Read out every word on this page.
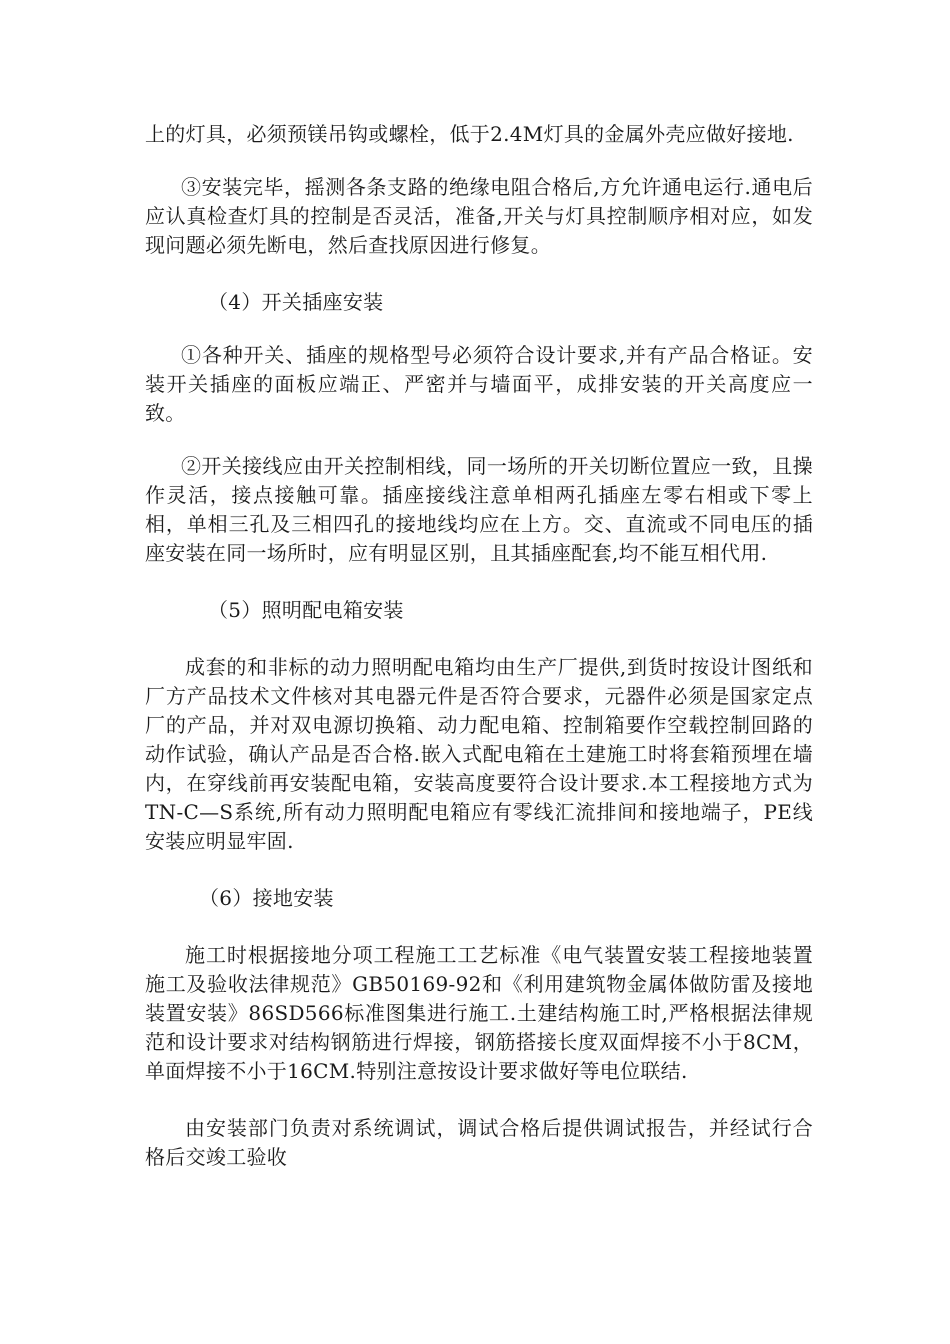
上的灯具，必须预镁吊钩或螺栓，低于2.4M灯具的金属外壳应做好接地.

③安装完毕，摇测各条支路的绝缘电阻合格后,方允许通电运行.通电后应认真检查灯具的控制是否灵活，准备,开关与灯具控制顺序相对应，如发现问题必须先断电，然后查找原因进行修复。

（4）开关插座安装

①各种开关、插座的规格型号必须符合设计要求,并有产品合格证。安装开关插座的面板应端正、严密并与墙面平，成排安装的开关高度应一致。

②开关接线应由开关控制相线，同一场所的开关切断位置应一致，且操作灵活，接点接触可靠。插座接线注意单相两孔插座左零右相或下零上相，单相三孔及三相四孔的接地线均应在上方。交、直流或不同电压的插座安装在同一场所时，应有明显区别，且其插座配套,均不能互相代用.

（5）照明配电箱安装

成套的和非标的动力照明配电箱均由生产厂提供,到货时按设计图纸和厂方产品技术文件核对其电器元件是否符合要求，元器件必须是国家定点厂的产品，并对双电源切换箱、动力配电箱、控制箱要作空载控制回路的动作试验，确认产品是否合格.嵌入式配电箱在土建施工时将套箱预埋在墙内，在穿线前再安装配电箱，安装高度要符合设计要求.本工程接地方式为TN-C—S系统,所有动力照明配电箱应有零线汇流排间和接地端子，PE线安装应明显牢固.

（6）接地安装

施工时根据接地分项工程施工工艺标准《电气装置安装工程接地装置施工及验收法律规范》GB50169-92和《利用建筑物金属体做防雷及接地装置安装》86SD566标准图集进行施工.土建结构施工时,严格根据法律规范和设计要求对结构钢筋进行焊接，钢筋搭接长度双面焊接不小于8CM，单面焊接不小于16CM.特别注意按设计要求做好等电位联结.

由安装部门负责对系统调试，调试合格后提供调试报告，并经试行合格后交竣工验收
